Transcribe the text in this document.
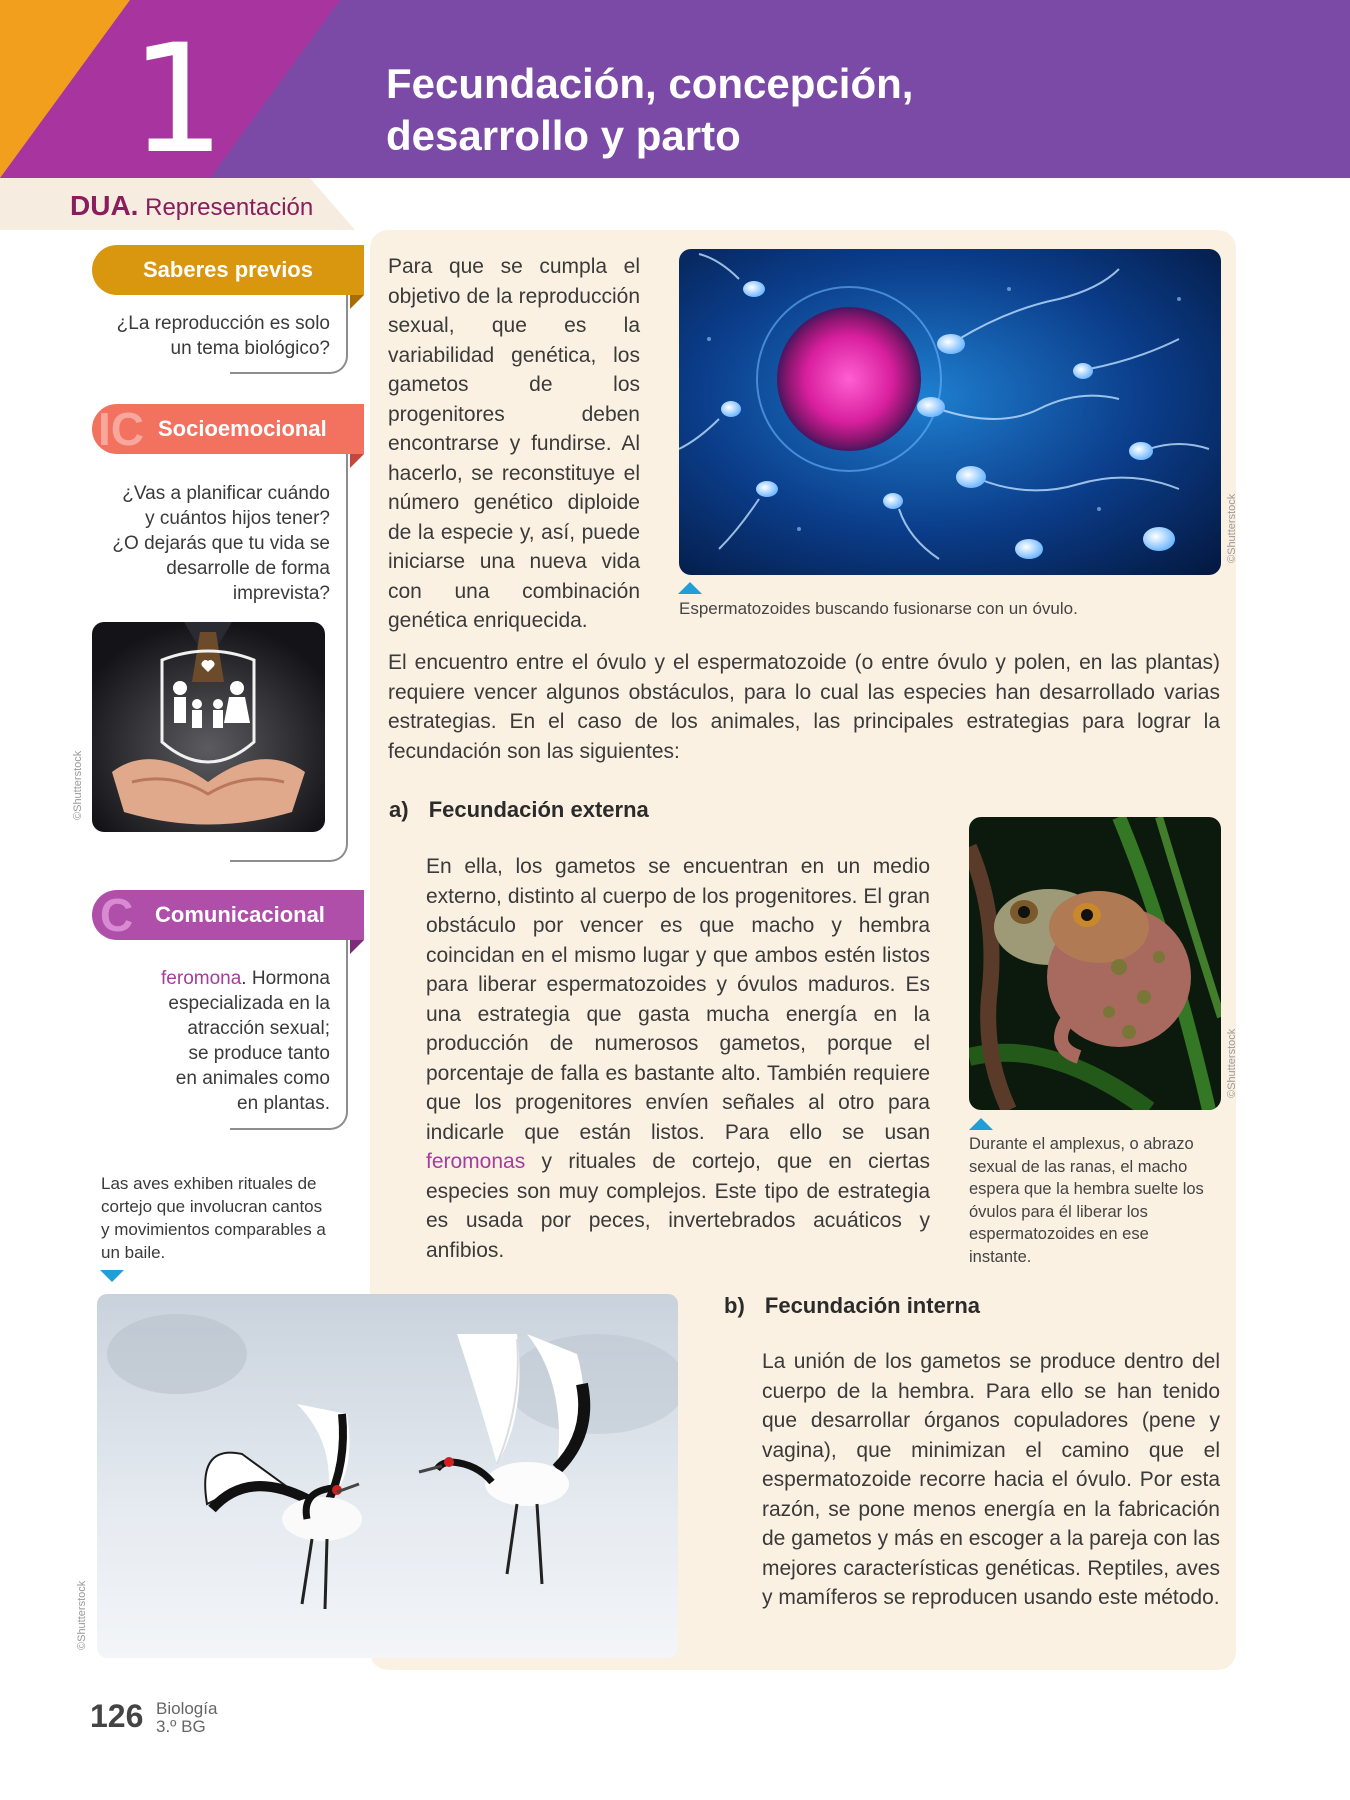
1	Fecundación, concepción,
desarrollo y parto
DUA. Representación
Saberes previos
¿La reproducción es solo
un tema biológico?
IC Socioemocional
¿Vas a planificar cuándo
y cuántos hijos tener?
¿O dejarás que tu vida se
desarrolle de forma
imprevista?
©Shutterstock
C Comunicacional
feromona. Hormona
especializada en la
atracción sexual;
se produce tanto
en animales como
en plantas.
Las aves exhiben rituales de
cortejo que involucran cantos
y movimientos comparables a
un baile.
©Shutterstock
Para que se cumpla el objetivo de la reproducción sexual, que es la variabilidad genética, los gametos de los progenitores deben encontrarse y fundirse. Al hacerlo, se reconstituye el número genético diploide de la especie y, así, puede iniciarse una nueva vida con una combinación genética enriquecida.
©Shutterstock
Espermatozoides buscando fusionarse con un óvulo.
El encuentro entre el óvulo y el espermatozoide (o entre óvulo y polen, en las plantas) requiere vencer algunos obstáculos, para lo cual las especies han desarrollado varias estrategias. En el caso de los animales, las principales estrategias para lograr la fecundación son las siguientes:
a) Fecundación externa
En ella, los gametos se encuentran en un medio externo, distinto al cuerpo de los progenitores. El gran obstáculo por vencer es que macho y hembra coincidan en el mismo lugar y que ambos estén listos para liberar espermatozoides y óvulos maduros. Es una estrategia que gasta mucha energía en la producción de numerosos gametos, porque el porcentaje de falla es bastante alto. También requiere que los progenitores envíen señales al otro para indicarle que están listos. Para ello se usan feromonas y rituales de cortejo, que en ciertas especies son muy complejos. Este tipo de estrategia es usada por peces, invertebrados acuáticos y anfibios.
©Shutterstock
Durante el amplexus, o abrazo sexual de las ranas, el macho espera que la hembra suelte los óvulos para él liberar los espermatozoides en ese instante.
b) Fecundación interna
La unión de los gametos se produce dentro del cuerpo de la hembra. Para ello se han tenido que desarrollar órganos copuladores (pene y vagina), que minimizan el camino que el espermatozoide recorre hacia el óvulo. Por esta razón, se pone menos energía en la fabricación de gametos y más en escoger a la pareja con las mejores características genéticas. Reptiles, aves y mamíferos se reproducen usando este método.
126 Biología
3.º BG
